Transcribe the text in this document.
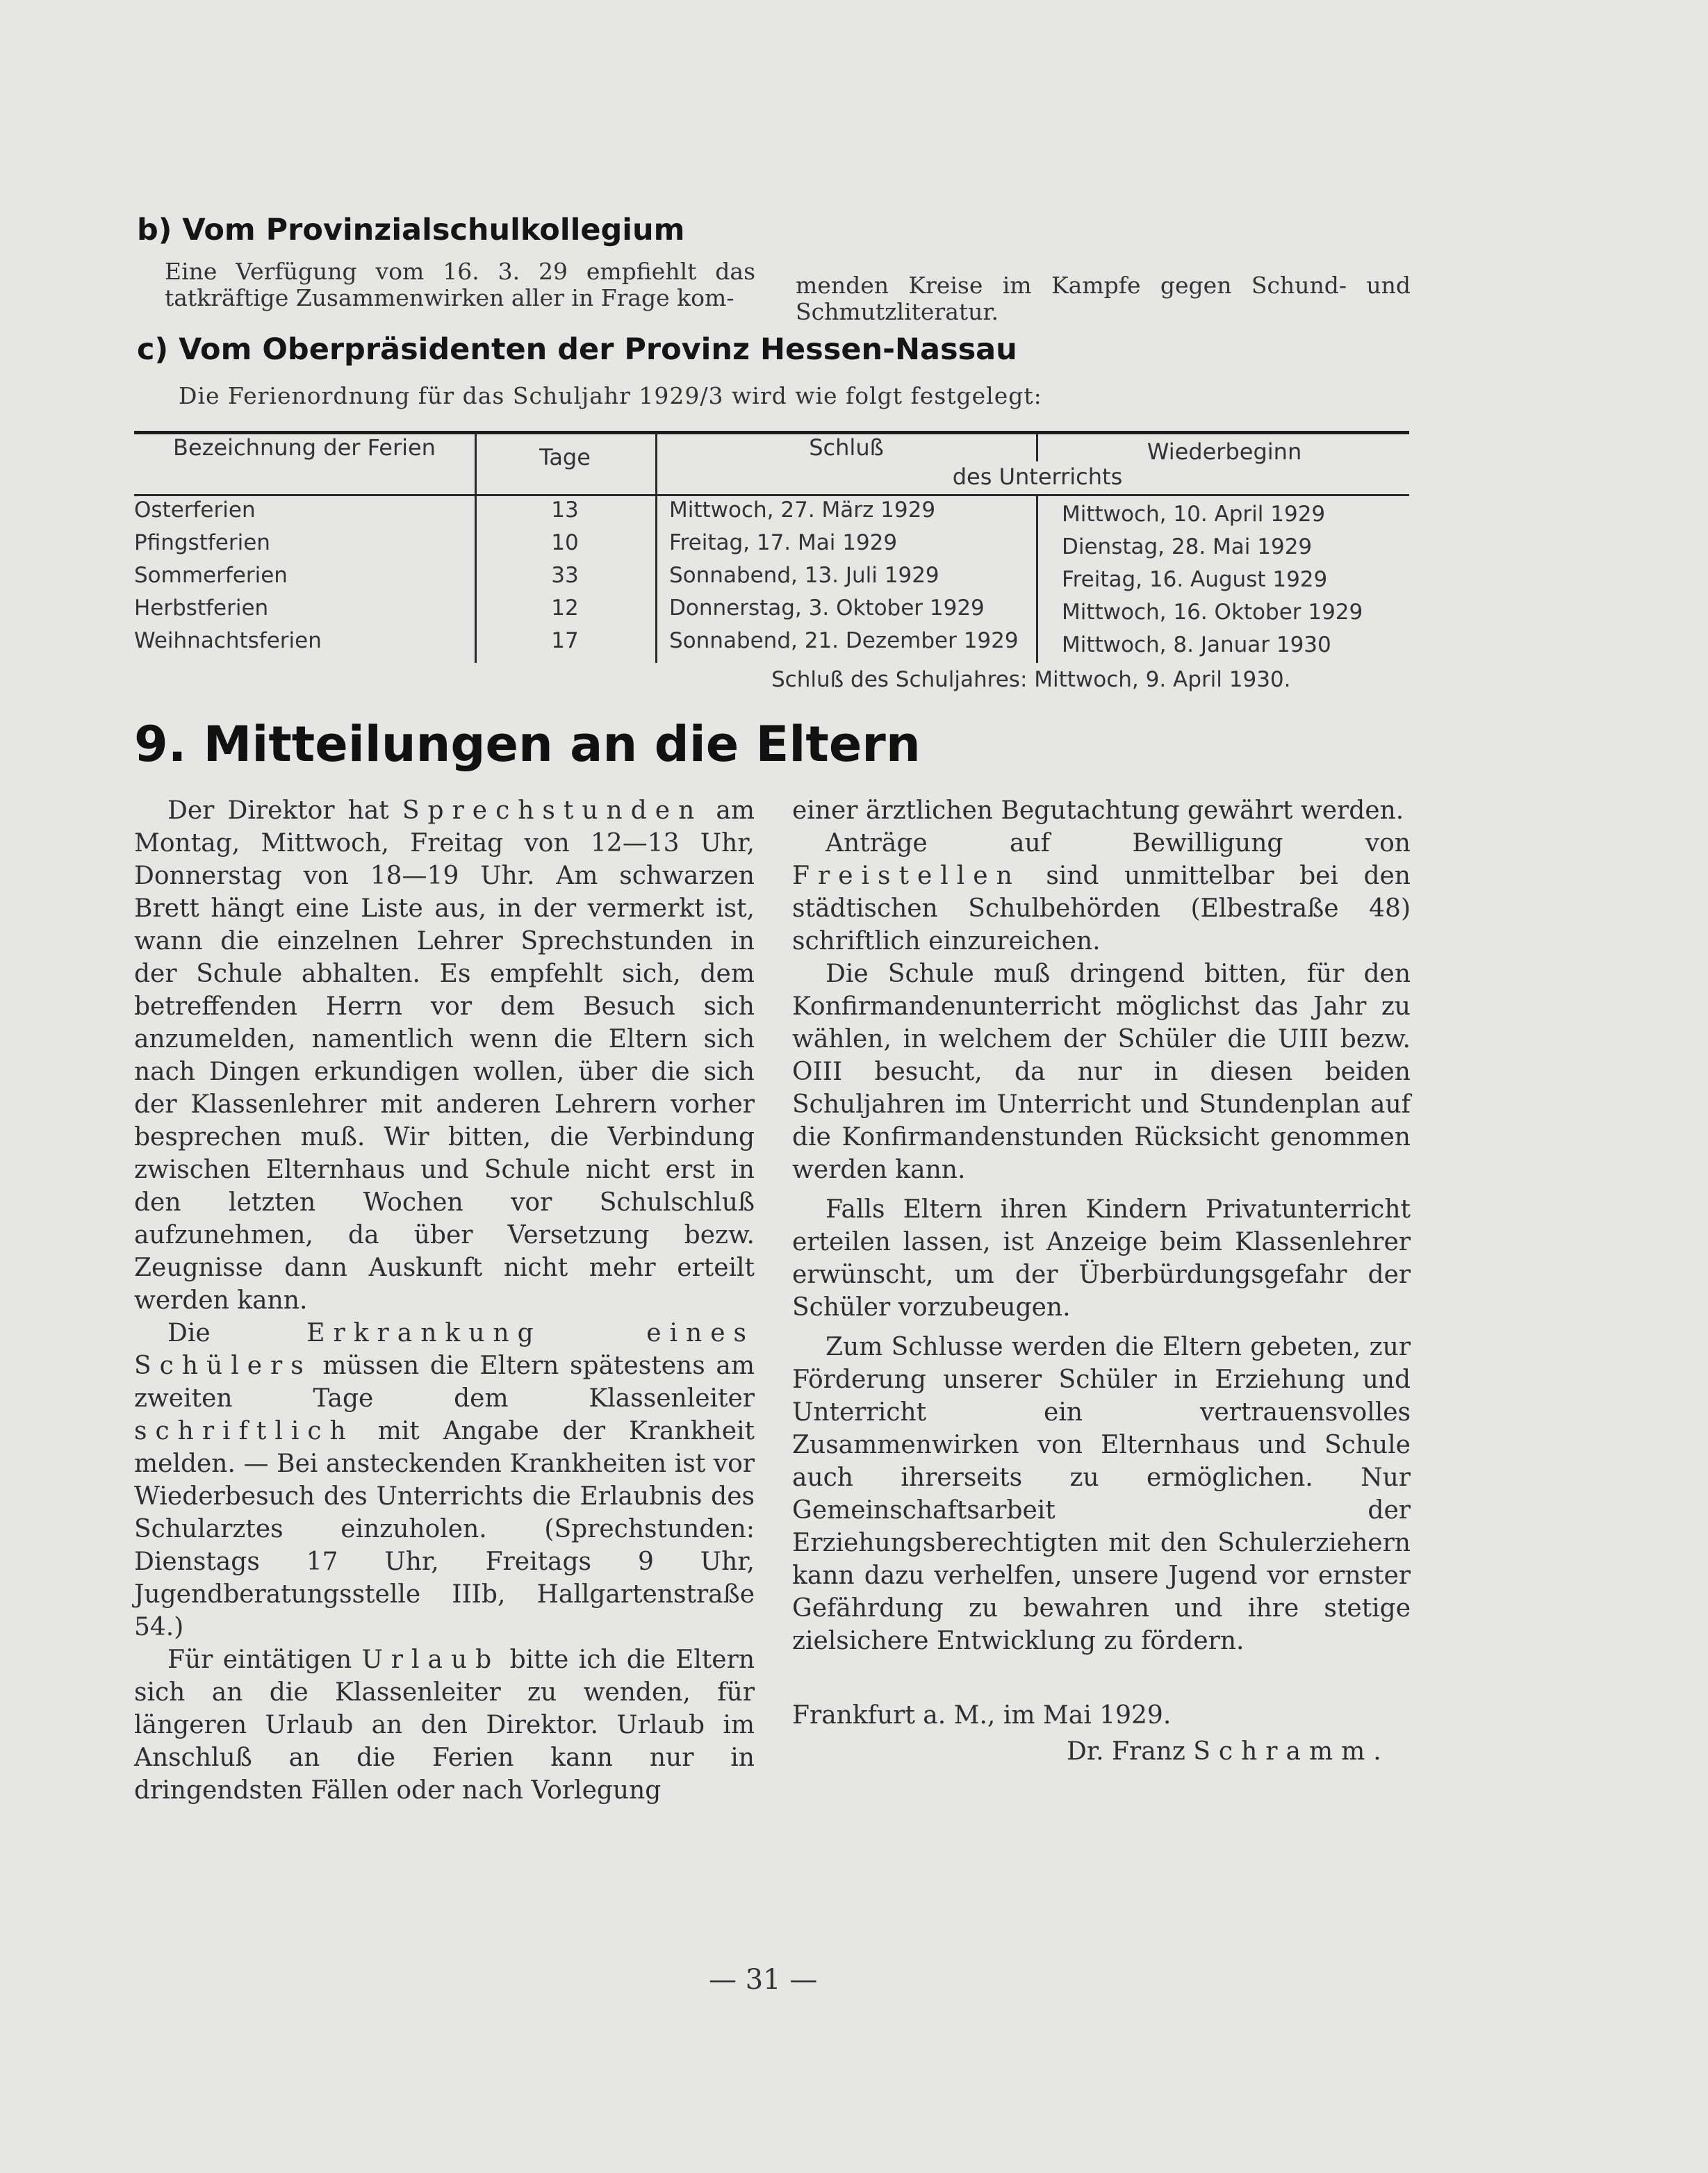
b) Vom Provinzialschulkollegium

Eine Verfügung vom 16. 3. 29 empfiehlt das tatkräftige Zusammenwirken aller in Frage kom-	menden Kreise im Kampfe gegen Schund- und Schmutzliteratur.

c) Vom Oberpräsidenten der Provinz Hessen-Nassau

Die Ferienordnung für das Schuljahr 1929/3 wird wie folgt festgelegt:

Bezeichnung der Ferien	Tage	Schluß	Wiederbeginn
des Unterrichts
Osterferien	13	Mittwoch, 27. März 1929	Mittwoch, 10. April 1929
Pfingstferien	10	Freitag, 17. Mai 1929	Dienstag, 28. Mai 1929
Sommerferien	33	Sonnabend, 13. Juli 1929	Freitag, 16. August 1929
Herbstferien	12	Donnerstag, 3. Oktober 1929	Mittwoch, 16. Oktober 1929
Weihnachtsferien	17	Sonnabend, 21. Dezember 1929 Mittwoch, 8. Januar 1930
Schluß des Schuljahres: Mittwoch, 9. April 1930.
9. Mitteilungen an die Eltern

Der Direktor hat Sprechstunden am Montag, Mittwoch, Freitag von 12—13 Uhr, Donnerstag von 18—19 Uhr. Am schwarzen Brett hängt eine Liste aus, in der vermerkt ist, wann die einzelnen Lehrer Sprechstunden in der Schule abhalten. Es empfehlt sich, dem betreffenden Herrn vor dem Besuch sich anzumelden, namentlich wenn die Eltern sich nach Dingen erkundigen wollen, über die sich der Klassenlehrer mit anderen Lehrern vorher besprechen muß. Wir bitten, die Verbindung zwischen Elternhaus und Schule nicht erst in den letzten Wochen vor Schulschluß aufzunehmen, da über Versetzung bezw. Zeugnisse dann Auskunft nicht mehr erteilt werden kann.

Die	Erkrankung eines Schülers müssen die Eltern spätestens am zweiten Tage dem Klassenleiter schriftlich mit Angabe der Krankheit melden. — Bei ansteckenden Krankheiten ist vor Wiederbesuch des Unterrichts die Erlaubnis des Schularztes einzuholen. (Sprechstunden: Dienstags 17 Uhr, Freitags 9 Uhr, Jugendberatungsstelle IIIb, Hallgartenstraße 54.)

Für eintätigen Urlaub bitte ich die Eltern sich an die Klassenleiter zu wenden, für längeren Urlaub an den Direktor. Urlaub im Anschluß an die Ferien kann nur in dringendsten Fällen oder nach Vorlegung

einer ärztlichen Begutachtung gewährt werden.

Anträge auf Bewilligung von Freistellen sind unmittelbar bei den städtischen Schulbehörden (Elbestraße 48) schriftlich einzureichen.

Die Schule muß dringend bitten, für den Konfirmandenunterricht möglichst das Jahr zu wählen, in welchem der Schüler die UIII bezw. OIII besucht, da nur in diesen beiden Schuljahren im Unterricht und Stundenplan auf die Konfirmandenstunden Rücksicht genommen werden kann.

Falls Eltern ihren Kindern Privatunterricht erteilen lassen, ist Anzeige beim Klassenlehrer erwünscht, um der Überbürdungsgefahr der Schüler vorzubeugen.

Zum Schlusse werden die Eltern gebeten, zur Förderung unserer Schüler in Erziehung und Unterricht ein vertrauensvolles Zusammenwirken von Elternhaus und Schule auch ihrerseits zu ermöglichen. Nur Gemeinschaftsarbeit der Erziehungsberechtigten mit den Schulerziehern kann dazu verhelfen, unsere Jugend vor ernster Gefährdung zu bewahren und ihre stetige zielsichere Entwicklung zu fördern.

Frankfurt a. M., im Mai 1929.
Dr. Franz Schramm.
— 31 —
